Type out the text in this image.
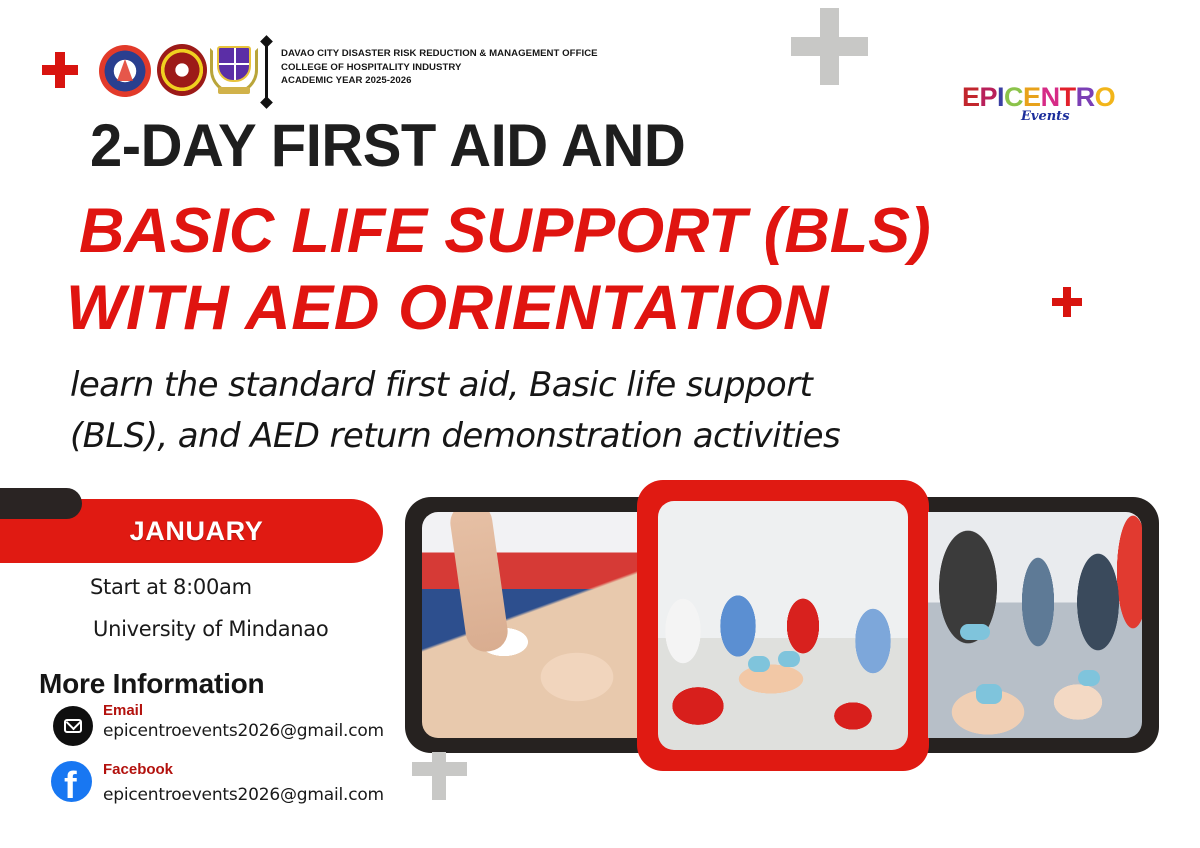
DAVAO CITY DISASTER RISK REDUCTION & MANAGEMENT OFFICE
COLLEGE OF HOSPITALITY INDUSTRY
ACADEMIC YEAR 2025-2026
EPICENTRO
Events
2-DAY FIRST AID AND
BASIC LIFE SUPPORT (BLS)
WITH AED ORIENTATION
learn the standard first aid, Basic life support
(BLS), and AED return demonstration activities
JANUARY
Start at 8:00am
University of Mindanao
More Information
Email
epicentroevents2026@gmail.com
f Facebook
epicentroevents2026@gmail.com
